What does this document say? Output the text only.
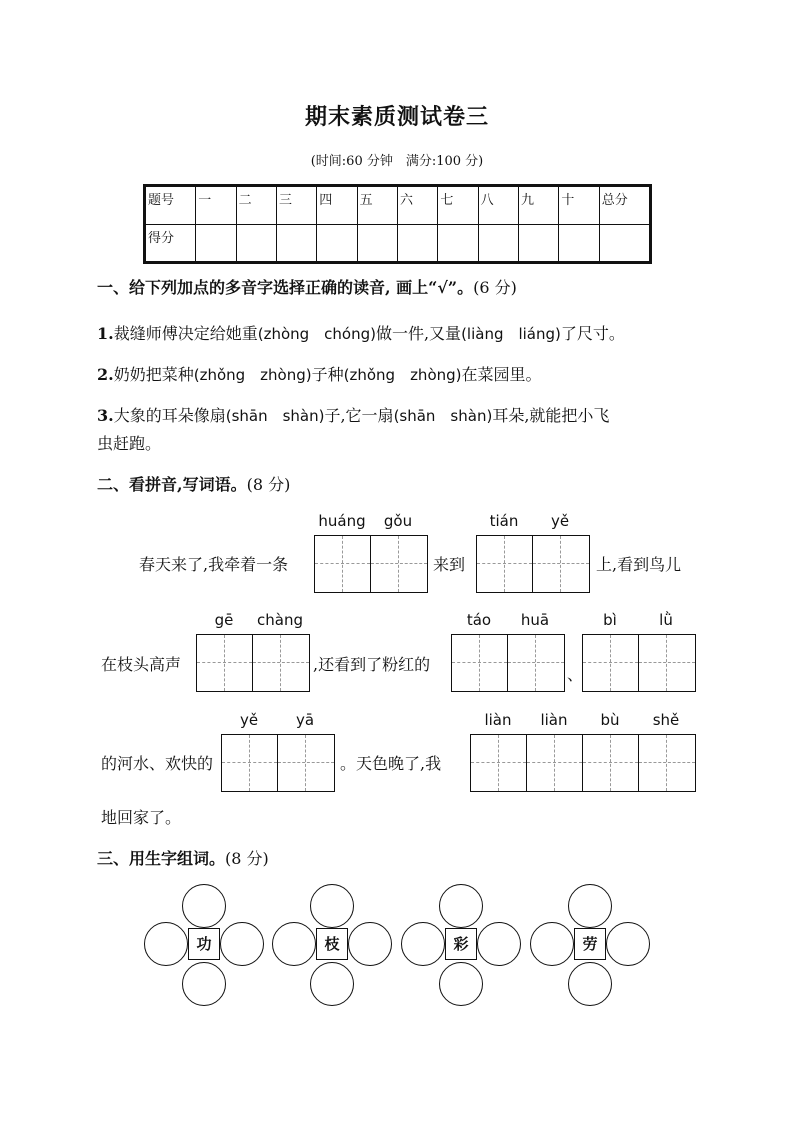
期末素质测试卷三
(时间:60 分钟　满分:100 分)
题号	一	二	三	四	五	六	七	八	九	十	总分
得分											
一、给下列加点的多音字选择正确的读音, 画上“√”。(6 分)
1.裁缝师傅决定给她重(zhòng　chóng)做一件,又量(liàng　liáng)了尺寸。
2.奶奶把菜种(zhǒng　zhòng)子种(zhǒng　zhòng)在菜园里。
3.大象的耳朵像扇(shān　shàn)子,它一扇(shān　shàn)耳朵,就能把小飞
虫赶跑。
二、看拼音,写词语。(8 分)
huáng	gǒu	tián	yě
春天来了,我牵着一条	来到	上,看到鸟儿
gē	chàng	táo	huā	bì	lǜ
在枝头高声	,还看到了粉红的
、
yě	yā	liàn	liàn	bù	shě
的河水、欢快的	。天色晚了,我
地回家了。
三、用生字组词。(8 分)
功	枝	彩	劳
